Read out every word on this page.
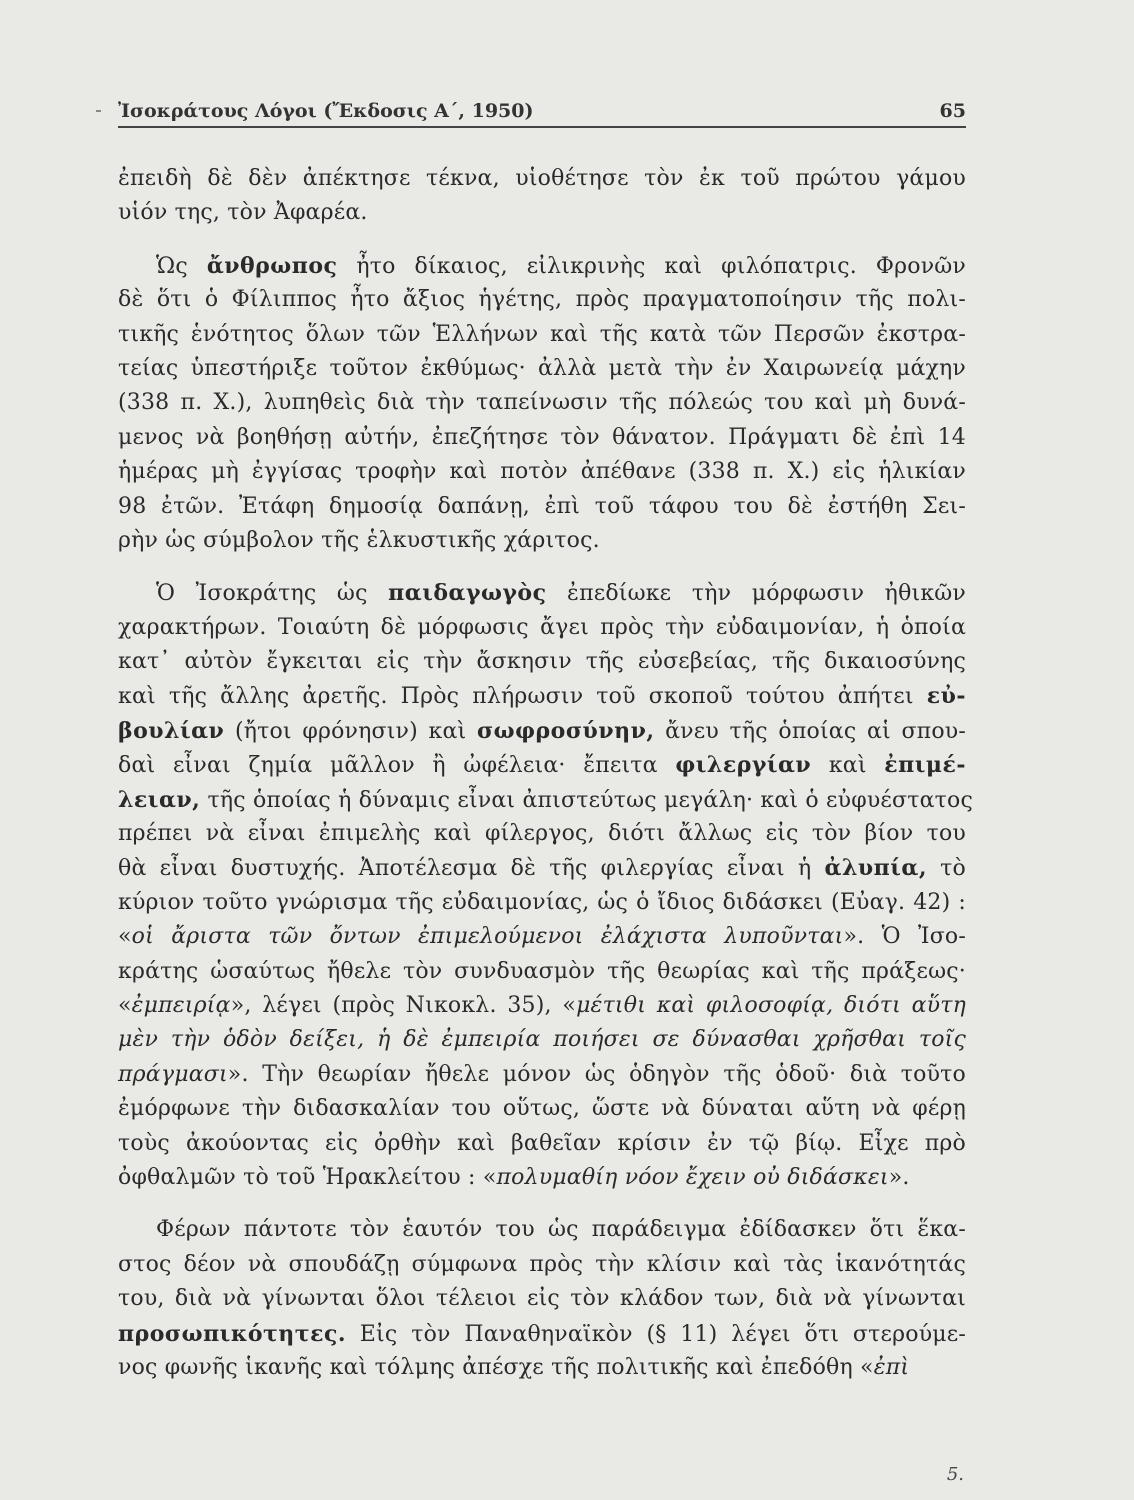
Ἰσοκράτους Λόγοι (Ἔκδοσις Α΄, 1950)	65
ἐπειδὴ δὲ δὲν ἀπέκτησε τέκνα, υἱοθέτησε τὸν ἐκ τοῦ πρώτου γάμου
υἱόν της, τὸν Ἀφαρέα.
Ὡς ἄνθρωπος ἦτο δίκαιος, εἰλικρινὴς καὶ φιλόπατρις. Φρονῶν
δὲ ὅτι ὁ Φίλιππος ἦτο ἄξιος ἡγέτης, πρὸς πραγματοποίησιν τῆς πολι-
τικῆς ἑνότητος ὅλων τῶν Ἑλλήνων καὶ τῆς κατὰ τῶν Περσῶν ἐκστρα-
τείας ὑπεστήριξε τοῦτον ἐκθύμως· ἀλλὰ μετὰ τὴν ἐν Χαιρωνείᾳ μάχην
(338 π. Χ.), λυπηθεὶς διὰ τὴν ταπείνωσιν τῆς πόλεώς του καὶ μὴ δυνά-
μενος νὰ βοηθήσῃ αὐτήν, ἐπεζήτησε τὸν θάνατον. Πράγματι δὲ ἐπὶ 14
ἡμέρας μὴ ἐγγίσας τροφὴν καὶ ποτὸν ἀπέθανε (338 π. Χ.) εἰς ἡλικίαν
98 ἐτῶν. Ἐτάφη δημοσίᾳ δαπάνῃ, ἐπὶ τοῦ τάφου του δὲ ἐστήθη Σει-
ρὴν ὡς σύμβολον τῆς ἑλκυστικῆς χάριτος.
Ὁ Ἰσοκράτης ὡς παιδαγωγὸς ἐπεδίωκε τὴν μόρφωσιν ἠθικῶν
χαρακτήρων. Τοιαύτη δὲ μόρφωσις ἄγει πρὸς τὴν εὐδαιμονίαν, ἡ ὁποία
κατ᾽ αὐτὸν ἔγκειται εἰς τὴν ἄσκησιν τῆς εὐσεβείας, τῆς δικαιοσύνης
καὶ τῆς ἄλλης ἀρετῆς. Πρὸς πλήρωσιν τοῦ σκοποῦ τούτου ἀπήτει εὐ-
βουλίαν (ἤτοι φρόνησιν) καὶ σωφροσύνην, ἄνευ τῆς ὁποίας αἱ σπου-
δαὶ εἶναι ζημία μᾶλλον ἢ ὠφέλεια· ἔπειτα φιλεργίαν καὶ ἐπιμέ-
λειαν, τῆς ὁποίας ἡ δύναμις εἶναι ἀπιστεύτως μεγάλη· καὶ ὁ εὐφυέστατος
πρέπει νὰ εἶναι ἐπιμελὴς καὶ φίλεργος, διότι ἄλλως εἰς τὸν βίον του
θὰ εἶναι δυστυχής. Ἀποτέλεσμα δὲ τῆς φιλεργίας εἶναι ἡ ἀλυπία, τὸ
κύριον τοῦτο γνώρισμα τῆς εὐδαιμονίας, ὡς ὁ ἴδιος διδάσκει (Εὐαγ. 42) :
«οἱ ἄριστα τῶν ὄντων ἐπιμελούμενοι ἐλάχιστα λυποῦνται». Ὁ Ἰσο-
κράτης ὡσαύτως ἤθελε τὸν συνδυασμὸν τῆς θεωρίας καὶ τῆς πράξεως·
«ἐμπειρίᾳ», λέγει (πρὸς Νικοκλ. 35), «μέτιθι καὶ φιλοσοφίᾳ, διότι αὕτη
μὲν τὴν ὁδὸν δείξει, ἡ δὲ ἐμπειρία ποιήσει σε δύνασθαι χρῆσθαι τοῖς
πράγμασι». Τὴν θεωρίαν ἤθελε μόνον ὡς ὁδηγὸν τῆς ὁδοῦ· διὰ τοῦτο
ἐμόρφωνε τὴν διδασκαλίαν του οὕτως, ὥστε νὰ δύναται αὕτη νὰ φέρῃ
τοὺς ἀκούοντας εἰς ὀρθὴν καὶ βαθεῖαν κρίσιν ἐν τῷ βίῳ. Εἶχε πρὸ
ὀφθαλμῶν τὸ τοῦ Ἡρακλείτου : «πολυμαθίη νόον ἔχειν οὐ διδάσκει».
Φέρων πάντοτε τὸν ἑαυτόν του ὡς παράδειγμα ἐδίδασκεν ὅτι ἕκα-
στος δέον νὰ σπουδάζῃ σύμφωνα πρὸς τὴν κλίσιν καὶ τὰς ἱκανότητάς
του, διὰ νὰ γίνωνται ὅλοι τέλειοι εἰς τὸν κλάδον των, διὰ νὰ γίνωνται
προσωπικότητες. Εἰς τὸν Παναθηναϊκὸν (§ 11) λέγει ὅτι στερούμε-
νος φωνῆς ἱκανῆς καὶ τόλμης ἀπέσχε τῆς πολιτικῆς καὶ ἐπεδόθη «ἐπὶ
5.
